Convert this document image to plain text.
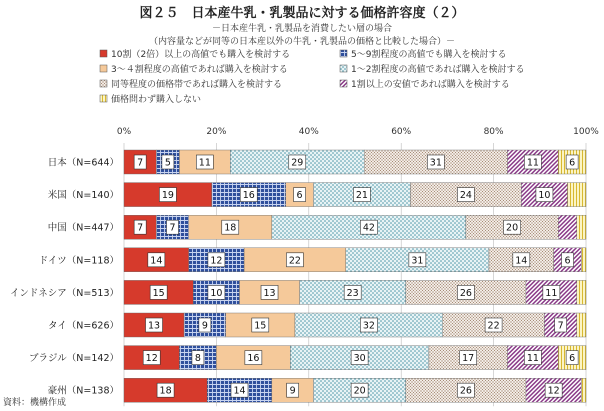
図２５　日本産牛乳・乳製品に対する価格許容度（２）
－日本産牛乳・乳製品を消費したい層の場合
（内容量などが同等の日本産以外の牛乳・乳製品の価格と比較した場合）－
10割（2倍）以上の高値でも購入を検討する	5～9割程度の高値でも購入を検討する
3～４割程度の高値であれば購入を検討する	1～2割程度の高値であれば購入を検討する
同等程度の価格帯であれば購入を検討する	1割以上の安値であれば購入を検討する
価格問わず購入しない
0%	20%	40%	60%	80%	100%
日本（N=644） 7 5	11	29	31	11	6
米国（N=140）	19	16	6	21	24	10
中国（N=447） 7	7	18	42	20
ドイツ（N=118）	14	12	22	31	14	6
インドネシア（N=513）	15	10	13	23	26	11
タイ（N=626）	13	9	15	32	22	7
ブラジル（N=142）	12	8	16	30	17	11	6
豪州（N=138）	18	14	9	20	26	12
資料：機構作成
